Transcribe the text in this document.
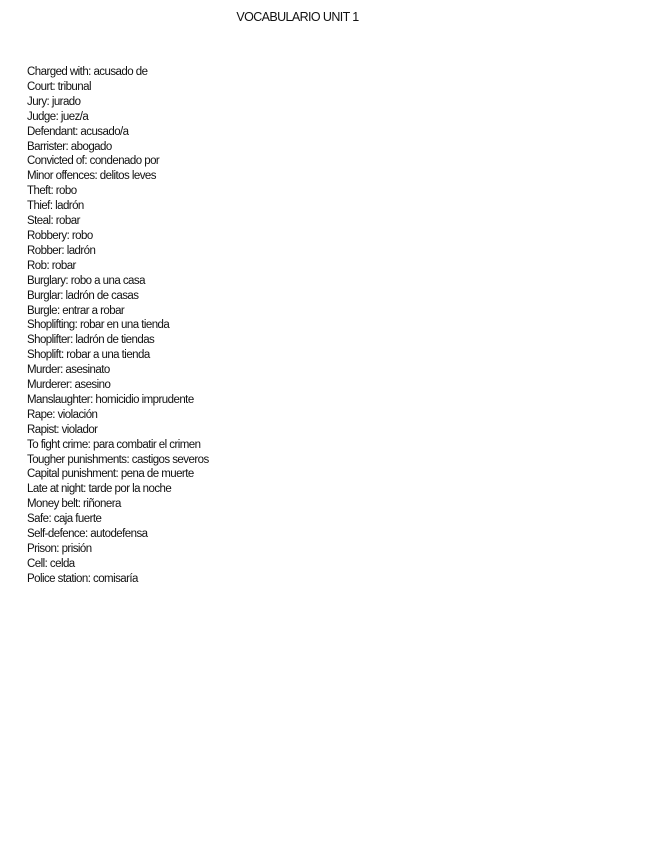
VOCABULARIO UNIT 1
Charged with: acusado de
Court: tribunal
Jury: jurado
Judge: juez/a
Defendant: acusado/a
Barrister: abogado
Convicted of: condenado por
Minor offences: delitos leves
Theft: robo
Thief: ladrón
Steal: robar
Robbery: robo
Robber: ladrón
Rob: robar
Burglary: robo a una casa
Burglar: ladrón de casas
Burgle: entrar a robar
Shoplifting: robar en una tienda
Shoplifter: ladrón de tiendas
Shoplift: robar a una tienda
Murder: asesinato
Murderer: asesino
Manslaughter: homicidio imprudente
Rape: violación
Rapist: violador
To fight crime: para combatir el crimen
Tougher punishments: castigos severos
Capital punishment: pena de muerte
Late at night: tarde por la noche
Money belt: riñonera
Safe: caja fuerte
Self-defence: autodefensa
Prison: prisión
Cell: celda
Police station: comisaría
